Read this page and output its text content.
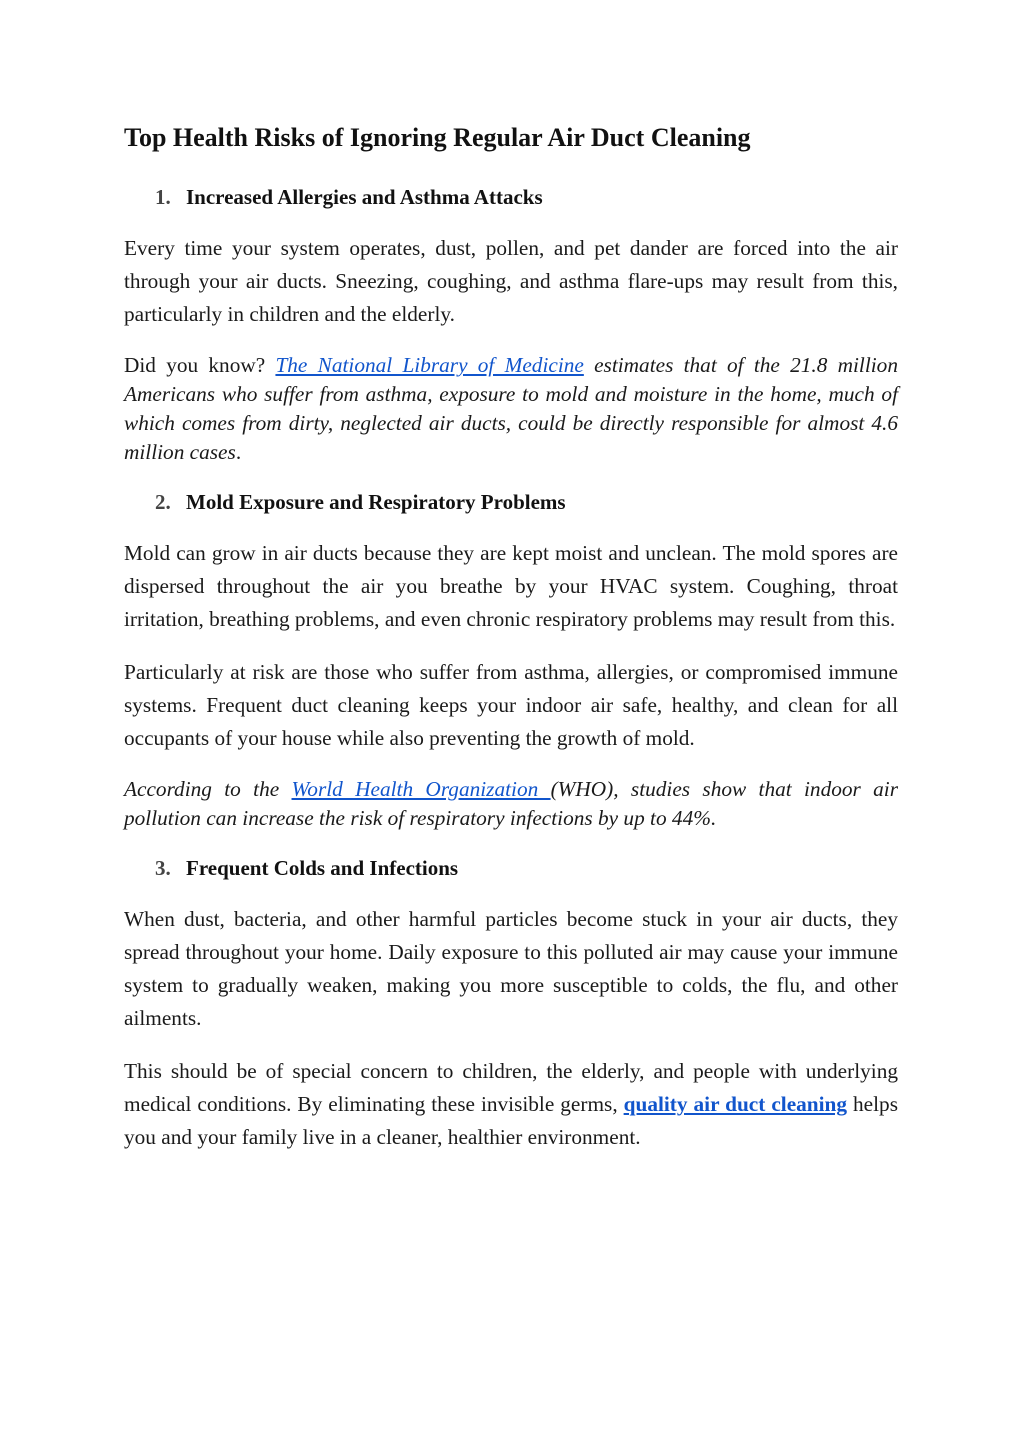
Top Health Risks of Ignoring Regular Air Duct Cleaning
1. Increased Allergies and Asthma Attacks

Every time your system operates, dust, pollen, and pet dander are forced into the air through your air ducts. Sneezing, coughing, and asthma flare-ups may result from this, particularly in children and the elderly.

Did you know? The National Library of Medicine estimates that of the 21.8 million Americans who suffer from asthma, exposure to mold and moisture in the home, much of which comes from dirty, neglected air ducts, could be directly responsible for almost 4.6 million cases.

2. Mold Exposure and Respiratory Problems

Mold can grow in air ducts because they are kept moist and unclean. The mold spores are dispersed throughout the air you breathe by your HVAC system. Coughing, throat irritation, breathing problems, and even chronic respiratory problems may result from this.

Particularly at risk are those who suffer from asthma, allergies, or compromised immune systems. Frequent duct cleaning keeps your indoor air safe, healthy, and clean for all occupants of your house while also preventing the growth of mold.

According to the World Health Organization (WHO), studies show that indoor air pollution can increase the risk of respiratory infections by up to 44%.

3. Frequent Colds and Infections

When dust, bacteria, and other harmful particles become stuck in your air ducts, they spread throughout your home. Daily exposure to this polluted air may cause your immune system to gradually weaken, making you more susceptible to colds, the flu, and other ailments.

This should be of special concern to children, the elderly, and people with underlying medical conditions. By eliminating these invisible germs, quality air duct cleaning helps you and your family live in a cleaner, healthier environment.
